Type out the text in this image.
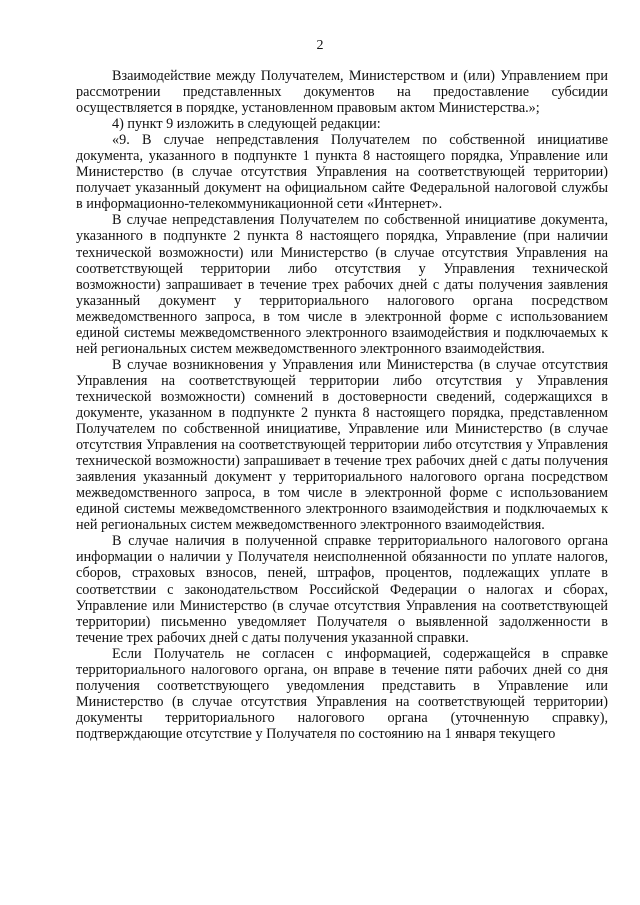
2

Взаимодействие между Получателем, Министерством и (или) Управлением при рассмотрении представленных документов на предоставление субсидии осуществляется в порядке, установленном правовым актом Министерства.»;

4) пункт 9 изложить в следующей редакции:

«9. В случае непредставления Получателем по собственной инициативе документа, указанного в подпункте 1 пункта 8 настоящего порядка, Управление или Министерство (в случае отсутствия Управления на соответствующей территории) получает указанный документ на официальном сайте Федеральной налоговой службы в информационно-телекоммуникационной сети «Интернет».

В случае непредставления Получателем по собственной инициативе документа, указанного в подпункте 2 пункта 8 настоящего порядка, Управление (при наличии технической возможности) или Министерство (в случае отсутствия Управления на соответствующей территории либо отсутствия у Управления технической возможности) запрашивает в течение трех рабочих дней с даты получения заявления указанный документ у территориального налогового органа посредством межведомственного запроса, в том числе в электронной форме с использованием единой системы межведомственного электронного взаимодействия и подключаемых к ней региональных систем межведомственного электронного взаимодействия.

В случае возникновения у Управления или Министерства (в случае отсутствия Управления на соответствующей территории либо отсутствия у Управления технической возможности) сомнений в достоверности сведений, содержащихся в документе, указанном в подпункте 2 пункта 8 настоящего порядка, представленном Получателем по собственной инициативе, Управление или Министерство (в случае отсутствия Управления на соответствующей территории либо отсутствия у Управления технической возможности) запрашивает в течение трех рабочих дней с даты получения заявления указанный документ у территориального налогового органа посредством межведомственного запроса, в том числе в электронной форме с использованием единой системы межведомственного электронного взаимодействия и подключаемых к ней региональных систем межведомственного электронного взаимодействия.

В случае наличия в полученной справке территориального налогового органа информации о наличии у Получателя неисполненной обязанности по уплате налогов, сборов, страховых взносов, пеней, штрафов, процентов, подлежащих уплате в соответствии с законодательством Российской Федерации о налогах и сборах, Управление или Министерство (в случае отсутствия Управления на соответствующей территории) письменно уведомляет Получателя о выявленной задолженности в течение трех рабочих дней с даты получения указанной справки.

Если Получатель не согласен с информацией, содержащейся в справке территориального налогового органа, он вправе в течение пяти рабочих дней со дня получения соответствующего уведомления представить в Управление или Министерство (в случае отсутствия Управления на соответствующей территории) документы территориального налогового органа (уточненную справку), подтверждающие отсутствие у Получателя по состоянию на 1 января текущего
